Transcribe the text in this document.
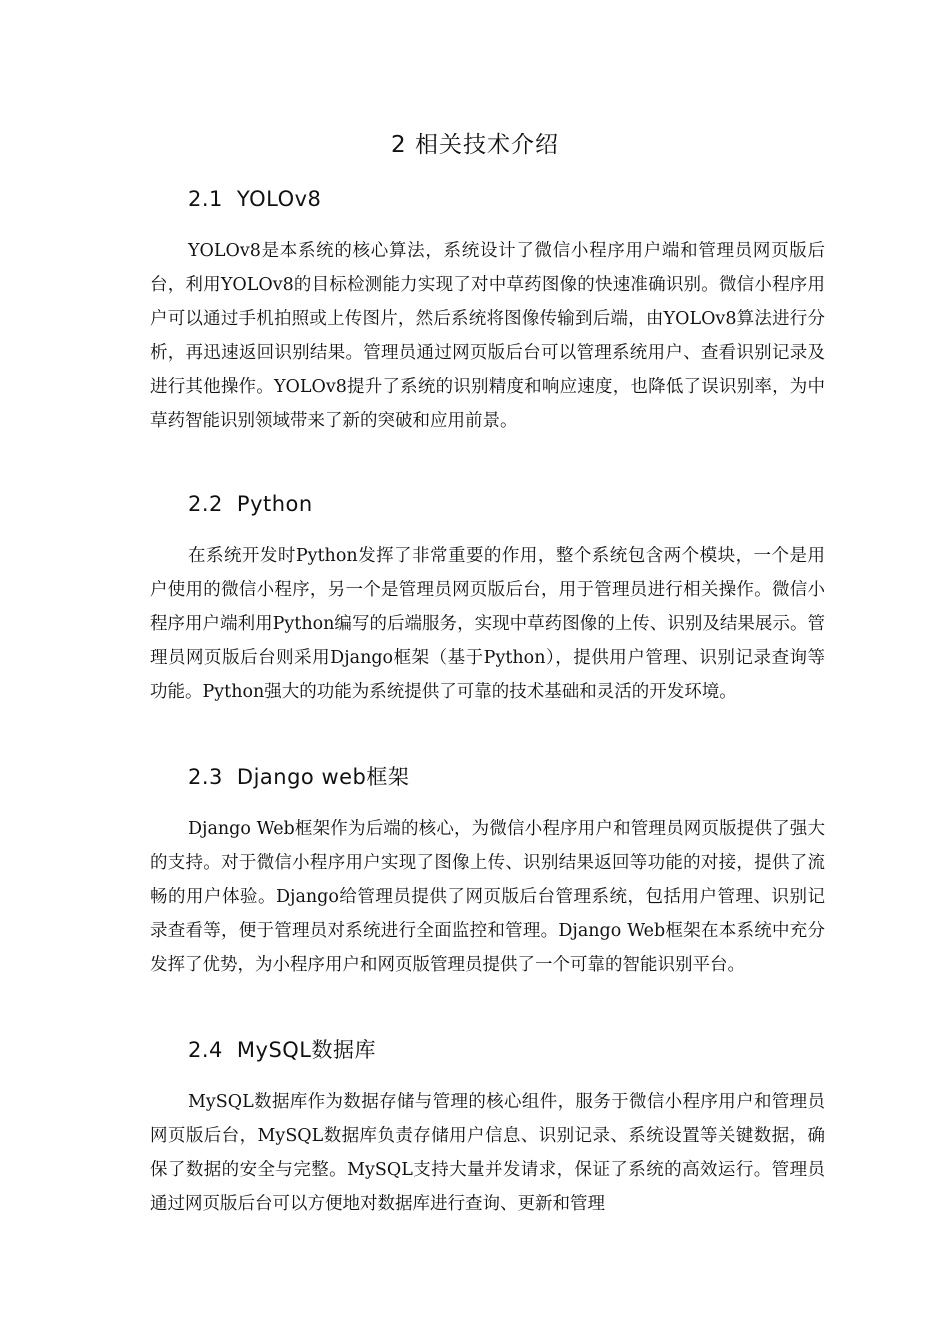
2 相关技术介绍
2.1 YOLOv8

YOLOv8是本系统的核心算法，系统设计了微信小程序用户端和管理员网页版后台，利用YOLOv8的目标检测能力实现了对中草药图像的快速准确识别。微信小程序用户可以通过手机拍照或上传图片，然后系统将图像传输到后端，由YOLOv8算法进行分析，再迅速返回识别结果。管理员通过网页版后台可以管理系统用户、查看识别记录及进行其他操作。YOLOv8提升了系统的识别精度和响应速度，也降低了误识别率，为中草药智能识别领域带来了新的突破和应用前景。

2.2 Python

在系统开发时Python发挥了非常重要的作用，整个系统包含两个模块，一个是用户使用的微信小程序，另一个是管理员网页版后台，用于管理员进行相关操作。微信小程序用户端利用Python编写的后端服务，实现中草药图像的上传、识别及结果展示。管理员网页版后台则采用Django框架（基于Python），提供用户管理、识别记录查询等功能。Python强大的功能为系统提供了可靠的技术基础和灵活的开发环境。

2.3 Django web框架

Django Web框架作为后端的核心，为微信小程序用户和管理员网页版提供了强大的支持。对于微信小程序用户实现了图像上传、识别结果返回等功能的对接，提供了流畅的用户体验。Django给管理员提供了网页版后台管理系统，包括用户管理、识别记录查看等，便于管理员对系统进行全面监控和管理。Django Web框架在本系统中充分发挥了优势，为小程序用户和网页版管理员提供了一个可靠的智能识别平台。

2.4 MySQL数据库

MySQL数据库作为数据存储与管理的核心组件，服务于微信小程序用户和管理员网页版后台，MySQL数据库负责存储用户信息、识别记录、系统设置等关键数据，确保了数据的安全与完整。MySQL支持大量并发请求，保证了系统的高效运行。管理员通过网页版后台可以方便地对数据库进行查询、更新和管理
